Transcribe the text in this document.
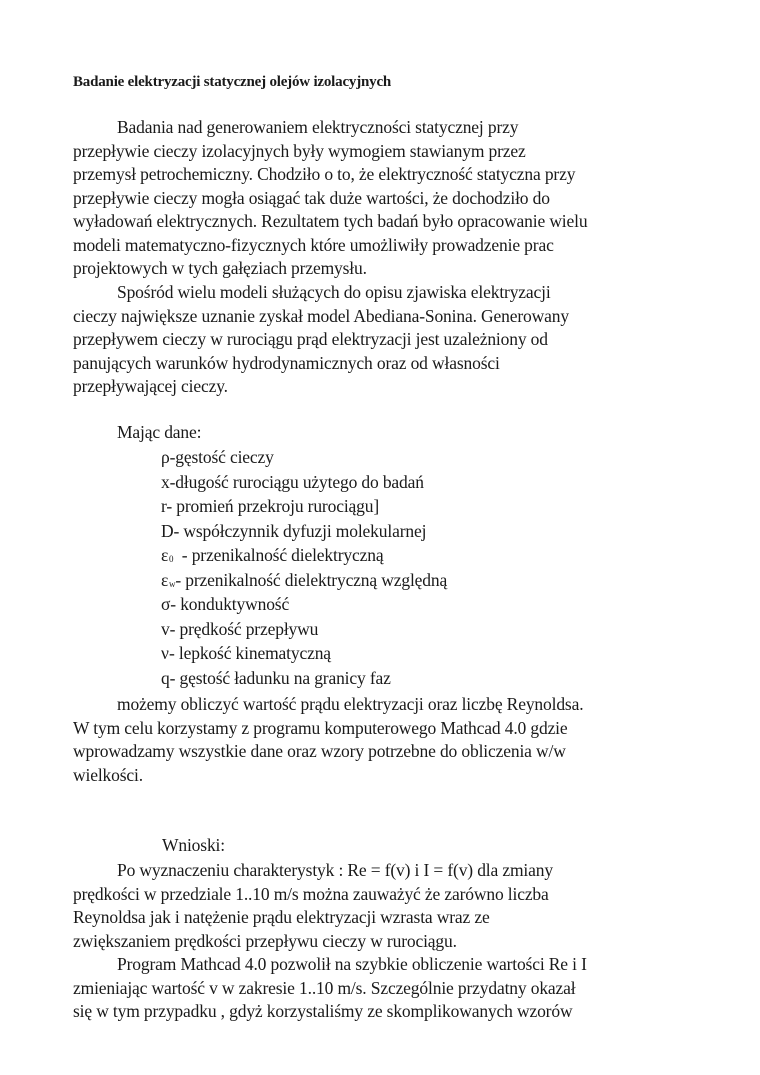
Badanie elektryzacji statycznej olejów izolacyjnych
Badania nad generowaniem elektryczności statycznej przy
przepływie cieczy izolacyjnych były wymogiem stawianym przez
przemysł petrochemiczny. Chodziło o to, że elektryczność statyczna przy
przepływie cieczy mogła osiągać tak duże wartości, że dochodziło do
wyładowań elektrycznych. Rezultatem tych badań było opracowanie wielu
modeli matematyczno-fizycznych które umożliwiły prowadzenie prac
projektowych w tych gałęziach przemysłu.
Spośród wielu modeli służących do opisu zjawiska elektryzacji
cieczy największe uznanie zyskał model Abediana-Sonina. Generowany
przepływem cieczy w rurociągu prąd elektryzacji jest uzależniony od
panujących warunków hydrodynamicznych oraz od własności
przepływającej cieczy.
Mając dane:
ρ-gęstość cieczy
x-długość rurociągu użytego do badań
r- promień przekroju rurociągu]
D- współczynnik dyfuzji molekularnej
ε0  - przenikalność dielektryczną
εw- przenikalność dielektryczną względną
σ- konduktywność
v- prędkość przepływu
ν- lepkość kinematyczną
q- gęstość ładunku na granicy faz
możemy obliczyć wartość prądu elektryzacji oraz liczbę Reynoldsa.
W tym celu korzystamy z programu komputerowego Mathcad 4.0 gdzie
wprowadzamy wszystkie dane oraz wzory potrzebne do obliczenia w/w
wielkości.
Wnioski:
Po wyznaczeniu charakterystyk : Re = f(v) i I = f(v) dla zmiany
prędkości w przedziale 1..10 m/s można zauważyć że zarówno liczba
Reynoldsa jak i natężenie prądu elektryzacji wzrasta wraz ze
zwiększaniem prędkości przepływu cieczy w rurociągu.
Program Mathcad 4.0 pozwolił na szybkie obliczenie wartości Re i I
zmieniając wartość v w zakresie 1..10 m/s. Szczególnie przydatny okazał
się w tym przypadku , gdyż korzystaliśmy ze skomplikowanych wzorów
